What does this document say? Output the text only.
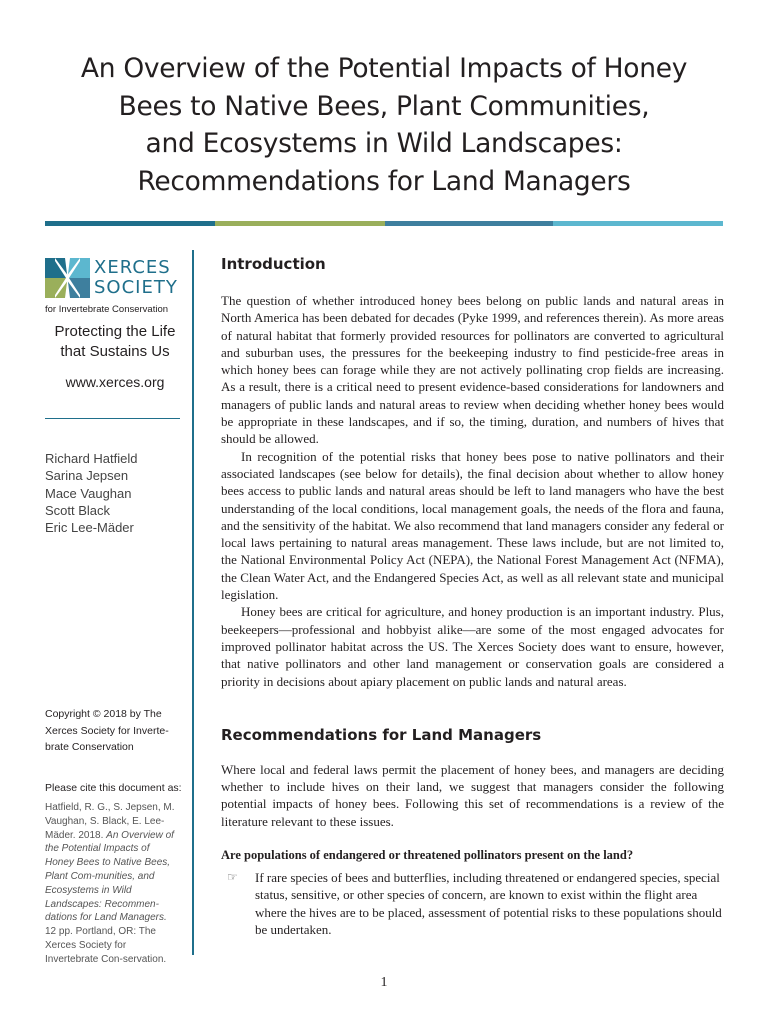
An Overview of the Potential Impacts of Honey
Bees to Native Bees, Plant Communities,
and Ecosystems in Wild Landscapes:
Recommendations for Land Managers
XERCES
SOCIETY
for Invertebrate Conservation
Protecting the Life
that Sustains Us
www.xerces.org
Richard Hatfield
Sarina Jepsen
Mace Vaughan
Scott Black
Eric Lee-Mäder
Copyright © 2018 by The Xerces Society for Inverte-brate Conservation
Please cite this document as:
Hatfield, R. G., S. Jepsen, M. Vaughan, S. Black, E. Lee-Mäder. 2018. An Overview of the Potential Impacts of Honey Bees to Native Bees, Plant Com-munities, and Ecosystems in Wild Landscapes: Recommen-dations for Land Managers. 12 pp. Portland, OR: The Xerces Society for Invertebrate Con-servation.
Introduction

The question of whether introduced honey bees belong on public lands and natural areas in North America has been debated for decades (Pyke 1999, and references therein). As more areas of natural habitat that formerly provided resources for pollinators are converted to agricultural and suburban uses, the pressures for the beekeeping industry to find pesticide-free areas in which honey bees can forage while they are not actively pollinating crop fields are increasing. As a result, there is a critical need to present evidence-based considerations for landowners and managers of public lands and natural areas to review when deciding whether honey bees would be appropriate in these landscapes, and if so, the timing, duration, and numbers of hives that should be allowed.

In recognition of the potential risks that honey bees pose to native pollinators and their associated landscapes (see below for details), the final decision about whether to allow honey bees access to public lands and natural areas should be left to land managers who have the best understanding of the local conditions, local management goals, the needs of the flora and fauna, and the sensitivity of the habitat. We also recommend that land managers consider any federal or local laws pertaining to natural areas management. These laws include, but are not limited to, the National Environmental Policy Act (NEPA), the National Forest Management Act (NFMA), the Clean Water Act, and the Endangered Species Act, as well as all relevant state and municipal legislation.

Honey bees are critical for agriculture, and honey production is an important industry. Plus, beekeepers—professional and hobbyist alike—are some of the most engaged advocates for improved pollinator habitat across the US. The Xerces Society does want to ensure, however, that native pollinators and other land management or conservation goals are considered a priority in decisions about apiary placement on public lands and natural areas.

Recommendations for Land Managers

Where local and federal laws permit the placement of honey bees, and managers are deciding whether to include hives on their land, we suggest that managers consider the following potential impacts of honey bees. Following this set of recommendations is a review of the literature relevant to these issues.

Are populations of endangered or threatened pollinators present on the land?

☞ If rare species of bees and butterflies, including threatened or endangered species, special status, sensitive, or other species of concern, are known to exist within the flight area where the hives are to be placed, assessment of potential risks to these populations should be undertaken.

1
